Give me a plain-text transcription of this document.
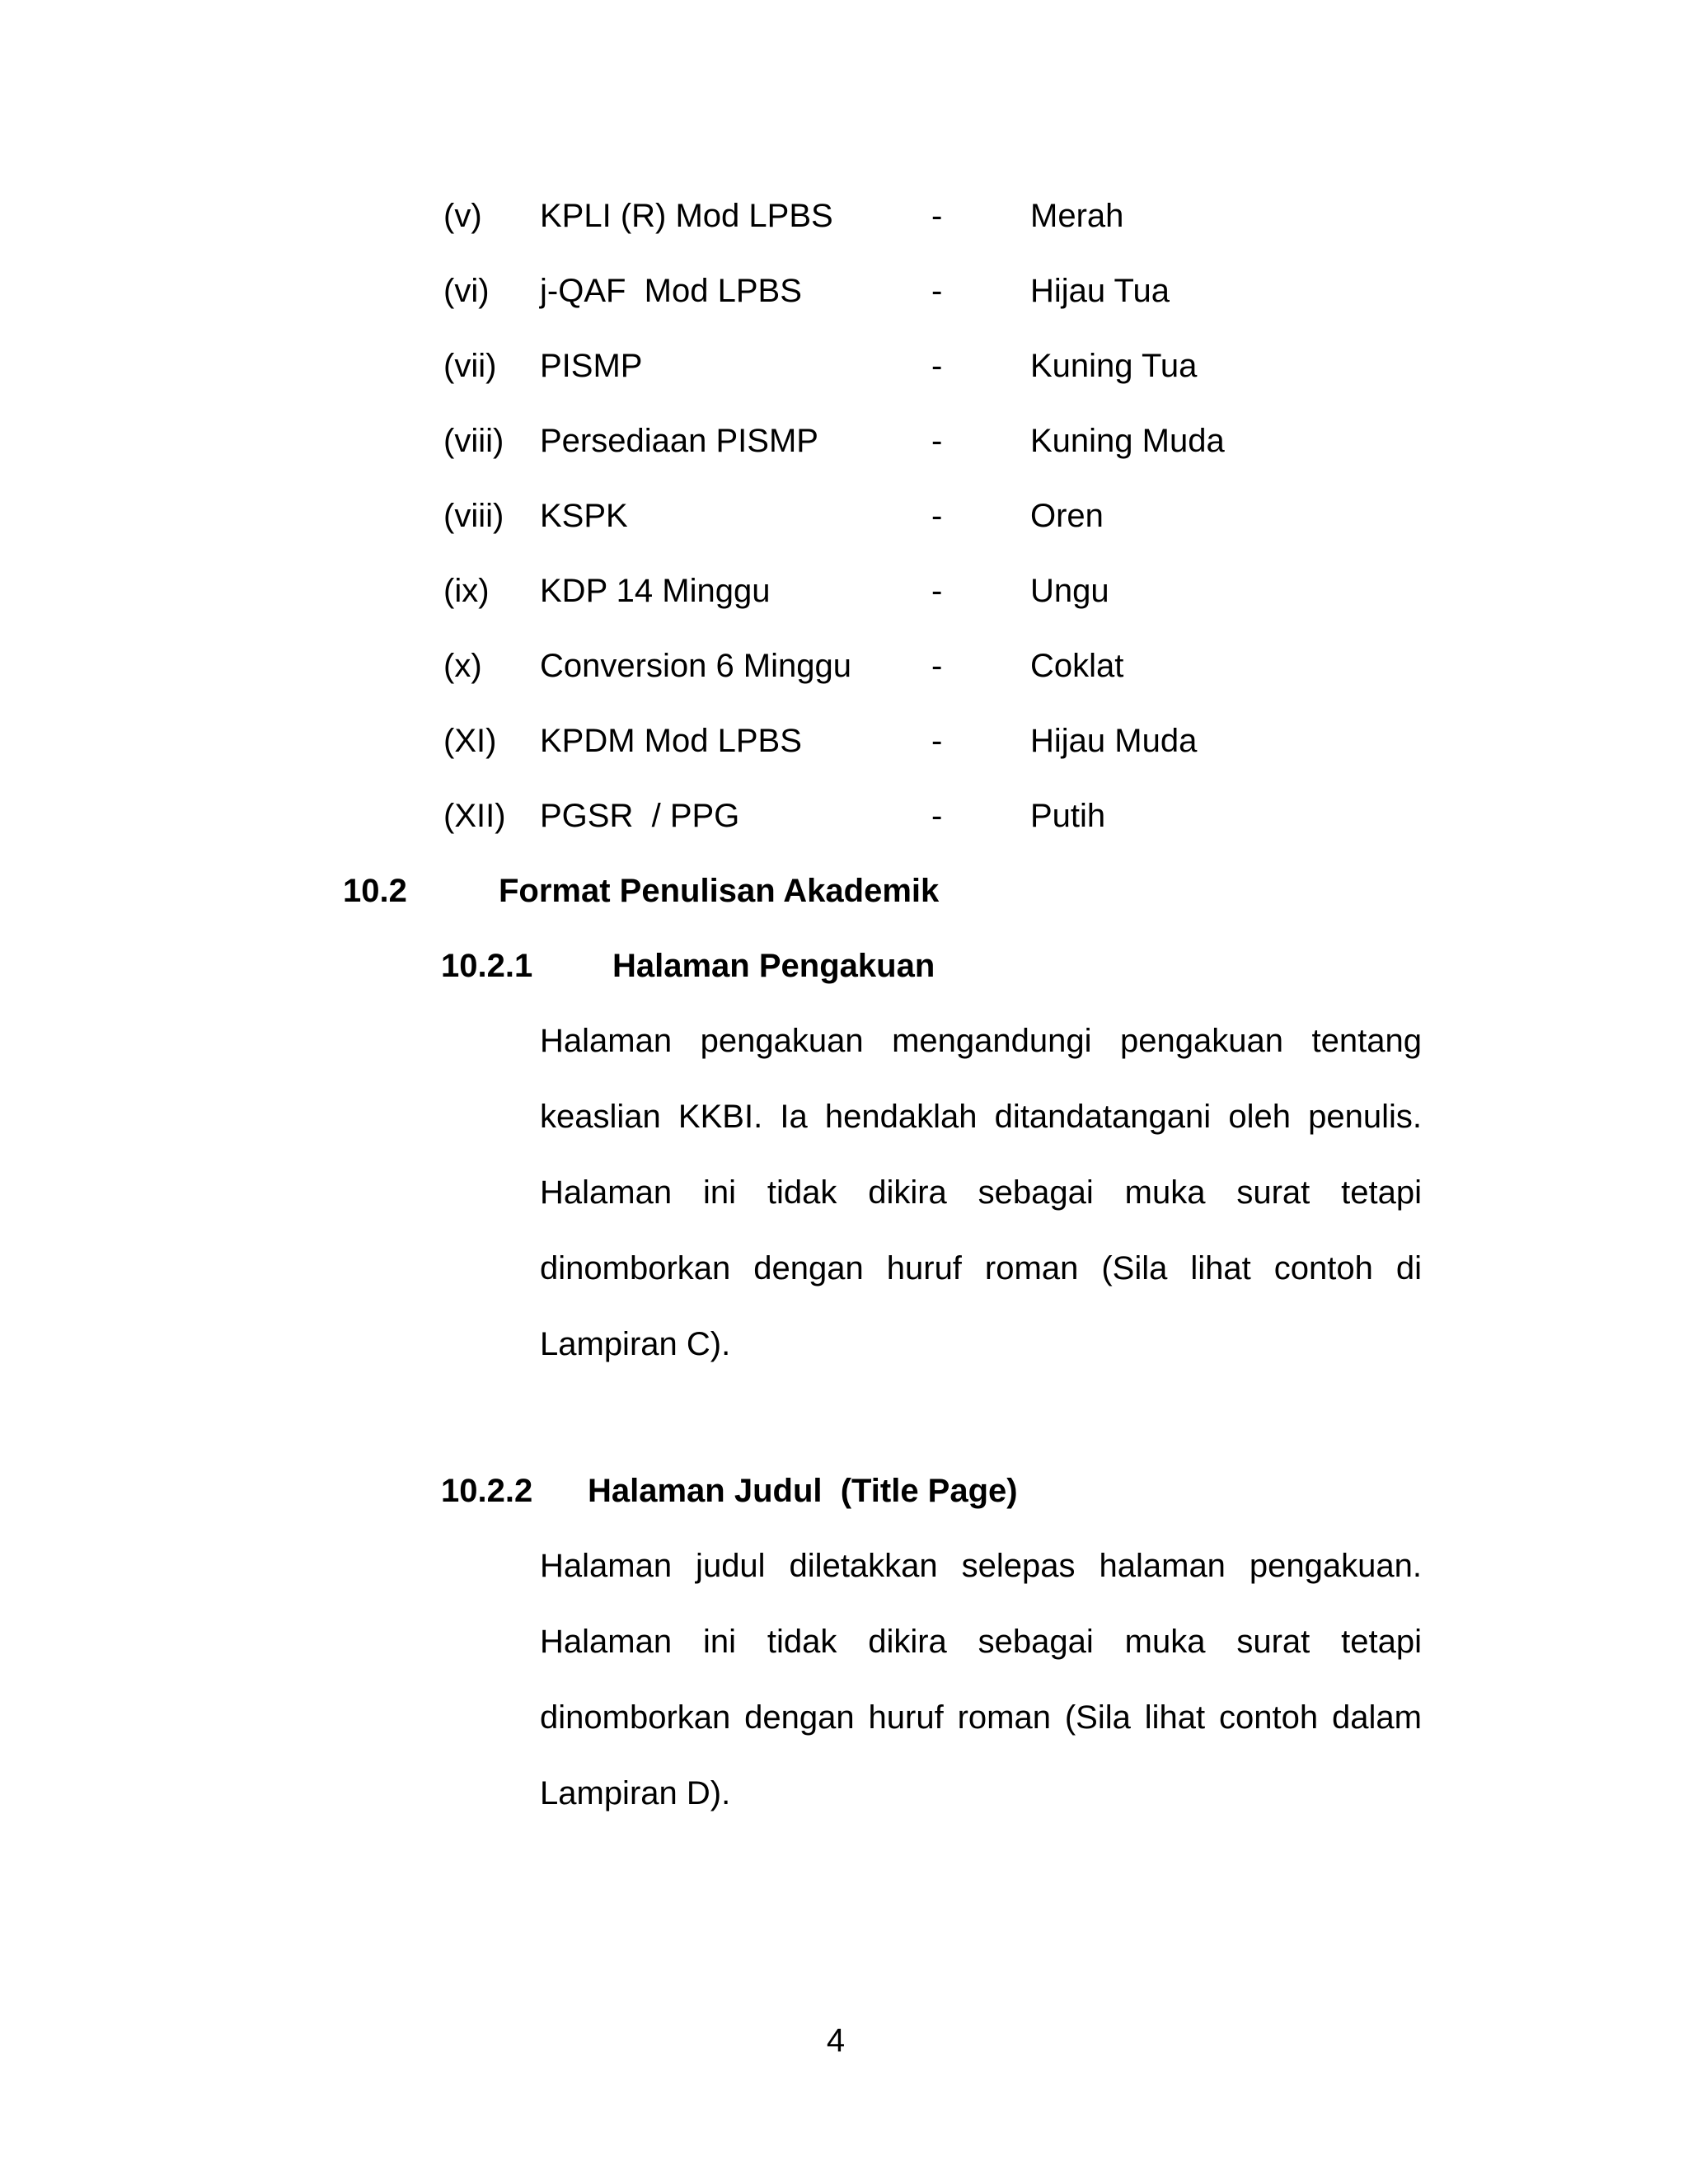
(v) KPLI (R) Mod LPBS	-	Merah
(vi) j-QAF  Mod LPBS	-	Hijau Tua
(vii) PISMP	-	Kuning Tua
(viii) Persediaan PISMP	-	Kuning Muda
(viii) KSPK	-	Oren
(ix) KDP 14 Minggu	-	Ungu
(x) Conversion 6 Minggu -	Coklat
(XI) KPDM Mod LPBS	-	Hijau Muda
(XII) PGSR  / PPG	-	Putih
10.2	Format Penulisan Akademik
10.2.1 Halaman Pengakuan
Halaman pengakuan mengandungi pengakuan tentang
keaslian KKBI. Ia hendaklah ditandatangani oleh penulis.
Halaman ini tidak dikira sebagai muka surat tetapi
dinomborkan dengan huruf roman (Sila lihat contoh di
Lampiran C).
10.2.2 Halaman Judul  (Title Page)
Halaman judul diletakkan selepas halaman pengakuan.
Halaman ini tidak dikira sebagai muka surat tetapi
dinomborkan dengan huruf roman (Sila lihat contoh dalam
Lampiran D).
4
